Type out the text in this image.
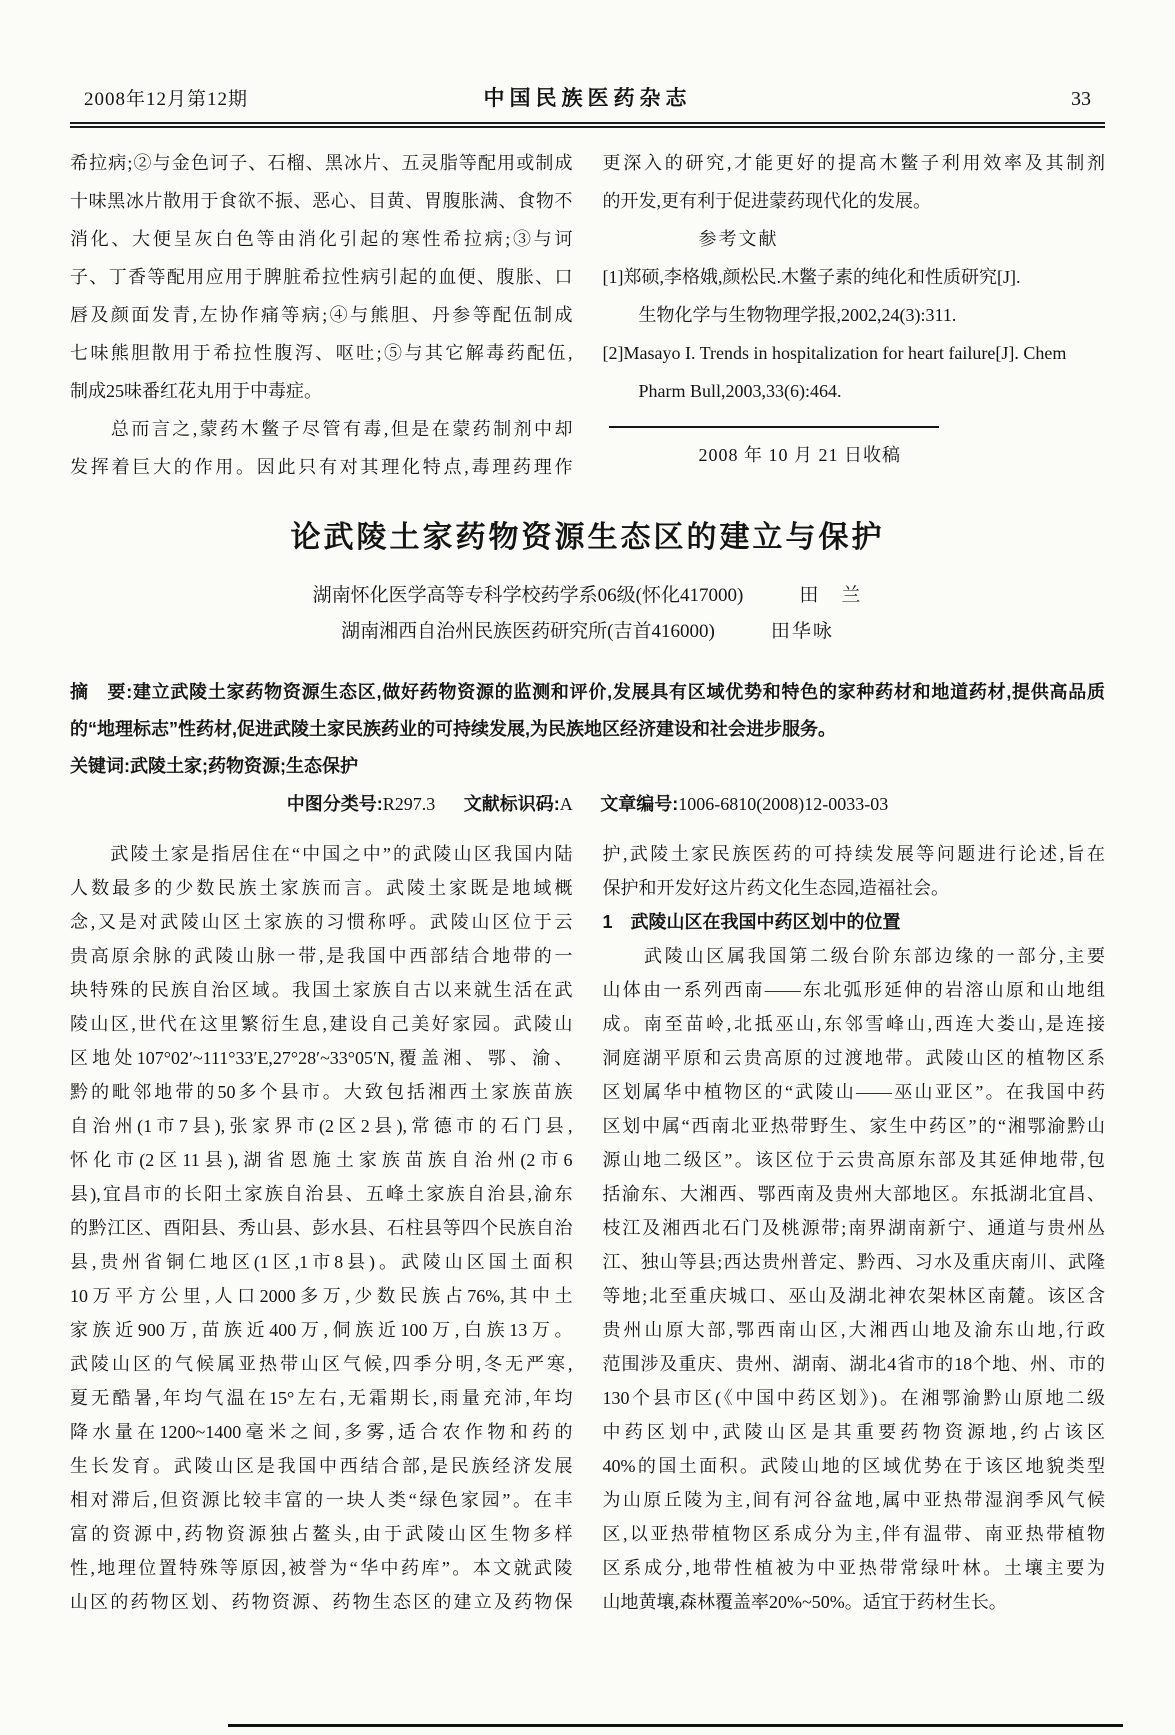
2008年12月第12期	中国民族医药杂志	33
希拉病;②与金色诃子、石榴、黑冰片、五灵脂等配用或制成
十味黑冰片散用于食欲不振、恶心、目黄、胃腹胀满、食物不
消化、大便呈灰白色等由消化引起的寒性希拉病;③与诃
子、丁香等配用应用于脾脏希拉性病引起的血便、腹胀、口
唇及颜面发青,左协作痛等病;④与熊胆、丹参等配伍制成
七味熊胆散用于希拉性腹泻、呕吐;⑤与其它解毒药配伍,
制成25味番红花丸用于中毒症。
　　总而言之,蒙药木鳖子尽管有毒,但是在蒙药制剂中却
发挥着巨大的作用。因此只有对其理化特点,毒理药理作
更深入的研究,才能更好的提高木鳖子利用效率及其制剂
的开发,更有利于促进蒙药现代化的发展。
参考文献
[1]郑硕,李格娥,颜松民.木鳖子素的纯化和性质研究[J].
　　生物化学与生物物理学报,2002,24(3):311.
[2]Masayo I. Trends in hospitalization for heart failure[J]. Chem
　　Pharm Bull,2003,33(6):464.
2008 年 10 月 21 日收稿
论武陵土家药物资源生态区的建立与保护
湖南怀化医学高等专科学校药学系06级(怀化417000)	田　兰
湖南湘西自治州民族医药研究所(吉首416000)	田华咏
摘　要:建立武陵土家药物资源生态区,做好药物资源的监测和评价,发展具有区域优势和特色的家种药材和地道药材,提供高品质的“地理标志”性药材,促进武陵土家民族药业的可持续发展,为民族地区经济建设和社会进步服务。
关键词:武陵土家;药物资源;生态保护
中图分类号:R297.3 文献标识码:A 文章编号:1006-6810(2008)12-0033-03
　　武陵土家是指居住在“中国之中”的武陵山区我国内陆
人数最多的少数民族土家族而言。武陵土家既是地域概
念,又是对武陵山区土家族的习惯称呼。武陵山区位于云
贵高原余脉的武陵山脉一带,是我国中西部结合地带的一
块特殊的民族自治区域。我国土家族自古以来就生活在武
陵山区,世代在这里繁衍生息,建设自己美好家园。武陵山
区地处107°02′~111°33′E,27°28′~33°05′N,覆盖湘、鄂、渝、
黔的毗邻地带的50多个县市。大致包括湘西土家族苗族
自治州(1市7县),张家界市(2区2县),常德市的石门县,
怀化市(2区11县),湖省恩施土家族苗族自治州(2市6
县),宜昌市的长阳土家族自治县、五峰土家族自治县,渝东
的黔江区、酉阳县、秀山县、彭水县、石柱县等四个民族自治
县,贵州省铜仁地区(1区,1市8县)。武陵山区国土面积
10万平方公里,人口2000多万,少数民族占76%,其中土
家族近900万,苗族近400万,侗族近100万,白族13万。
武陵山区的气候属亚热带山区气候,四季分明,冬无严寒,
夏无酷暑,年均气温在15°左右,无霜期长,雨量充沛,年均
降水量在1200~1400毫米之间,多雾,适合农作物和药的
生长发育。武陵山区是我国中西结合部,是民族经济发展
相对滞后,但资源比较丰富的一块人类“绿色家园”。在丰
富的资源中,药物资源独占鳌头,由于武陵山区生物多样
性,地理位置特殊等原因,被誉为“华中药库”。本文就武陵
山区的药物区划、药物资源、药物生态区的建立及药物保
护,武陵土家民族医药的可持续发展等问题进行论述,旨在
保护和开发好这片药文化生态园,造福社会。
1　武陵山区在我国中药区划中的位置
　　武陵山区属我国第二级台阶东部边缘的一部分,主要
山体由一系列西南——东北弧形延伸的岩溶山原和山地组
成。南至苗岭,北抵巫山,东邻雪峰山,西连大娄山,是连接
洞庭湖平原和云贵高原的过渡地带。武陵山区的植物区系
区划属华中植物区的“武陵山——巫山亚区”。在我国中药
区划中属“西南北亚热带野生、家生中药区”的“湘鄂渝黔山
源山地二级区”。该区位于云贵高原东部及其延伸地带,包
括渝东、大湘西、鄂西南及贵州大部地区。东抵湖北宜昌、
枝江及湘西北石门及桃源带;南界湖南新宁、通道与贵州丛
江、独山等县;西达贵州普定、黔西、习水及重庆南川、武隆
等地;北至重庆城口、巫山及湖北神农架林区南麓。该区含
贵州山原大部,鄂西南山区,大湘西山地及渝东山地,行政
范围涉及重庆、贵州、湖南、湖北4省市的18个地、州、市的
130个县市区(《中国中药区划》)。在湘鄂渝黔山原地二级
中药区划中,武陵山区是其重要药物资源地,约占该区
40%的国土面积。武陵山地的区域优势在于该区地貌类型
为山原丘陵为主,间有河谷盆地,属中亚热带湿润季风气候
区,以亚热带植物区系成分为主,伴有温带、南亚热带植物
区系成分,地带性植被为中亚热带常绿叶林。土壤主要为
山地黄壤,森林覆盖率20%~50%。适宜于药材生长。
